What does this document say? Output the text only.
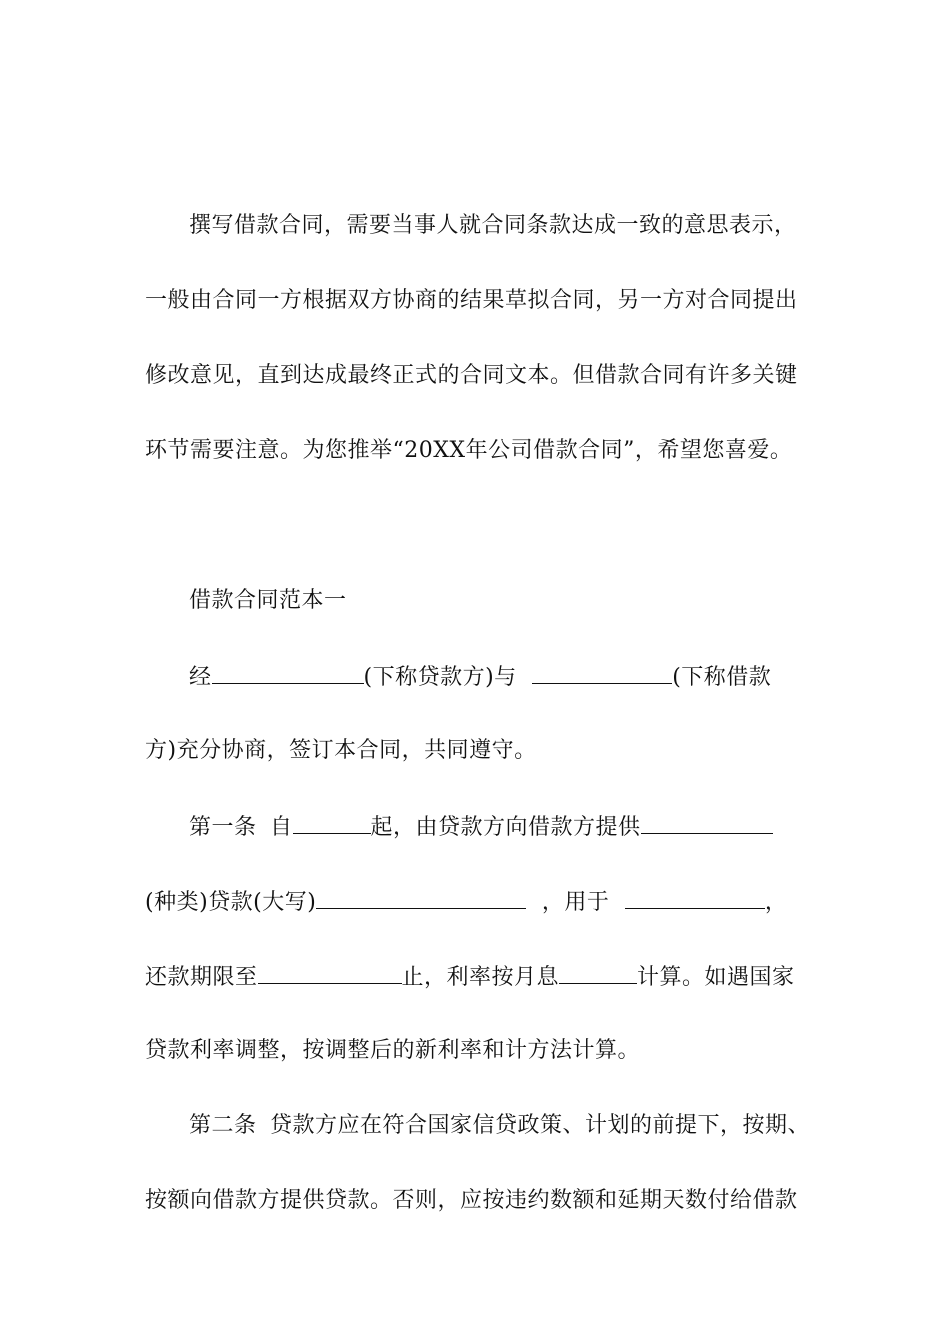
撰写借款合同，需要当事人就合同条款达成一致的意思表示，
一般由合同一方根据双方协商的结果草拟合同，另一方对合同提出
修改意见，直到达成最终正式的合同文本。但借款合同有许多关键
环节需要注意。为您推举“20XX年公司借款合同”，希望您喜爱。
借款合同范本一
经	(下称贷款方)与	(下称借款
方)充分协商，签订本合同，共同遵守。
第一条 自	起，由贷款方向借款方提供
(种类)贷款(大写)	，用于	，
还款期限至	止，利率按月息	计算。如遇国家
贷款利率调整，按调整后的新利率和计方法计算。
第二条 贷款方应在符合国家信贷政策、计划的前提下，按期、
按额向借款方提供贷款。否则，应按违约数额和延期天数付给借款
